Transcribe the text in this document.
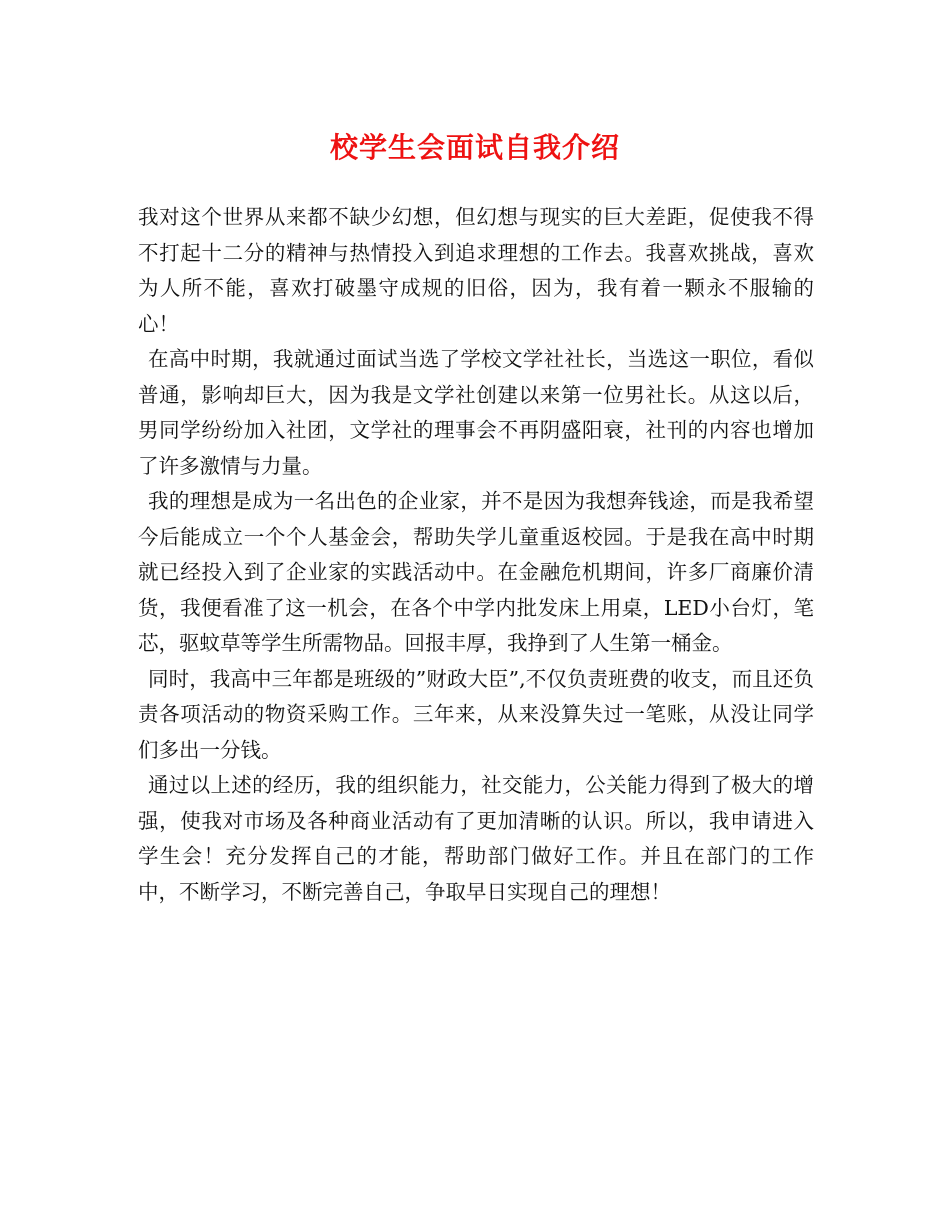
校学生会面试自我介绍

我对这个世界从来都不缺少幻想，但幻想与现实的巨大差距，促使我不得不打起十二分的精神与热情投入到追求理想的工作去。我喜欢挑战，喜欢为人所不能，喜欢打破墨守成规的旧俗，因为，我有着一颗永不服输的心！

在高中时期，我就通过面试当选了学校文学社社长，当选这一职位，看似普通，影响却巨大，因为我是文学社创建以来第一位男社长。从这以后，男同学纷纷加入社团，文学社的理事会不再阴盛阳衰，社刊的内容也增加了许多激情与力量。

我的理想是成为一名出色的企业家，并不是因为我想奔钱途，而是我希望今后能成立一个个人基金会，帮助失学儿童重返校园。于是我在高中时期就已经投入到了企业家的实践活动中。在金融危机期间，许多厂商廉价清货，我便看准了这一机会，在各个中学内批发床上用桌，LED小台灯，笔芯，驱蚊草等学生所需物品。回报丰厚，我挣到了人生第一桶金。

同时，我高中三年都是班级的”财政大臣”,不仅负责班费的收支，而且还负责各项活动的物资采购工作。三年来，从来没算失过一笔账，从没让同学们多出一分钱。

通过以上述的经历，我的组织能力，社交能力，公关能力得到了极大的增强，使我对市场及各种商业活动有了更加清晰的认识。所以，我申请进入学生会！充分发挥自己的才能，帮助部门做好工作。并且在部门的工作中，不断学习，不断完善自己，争取早日实现自己的理想！
